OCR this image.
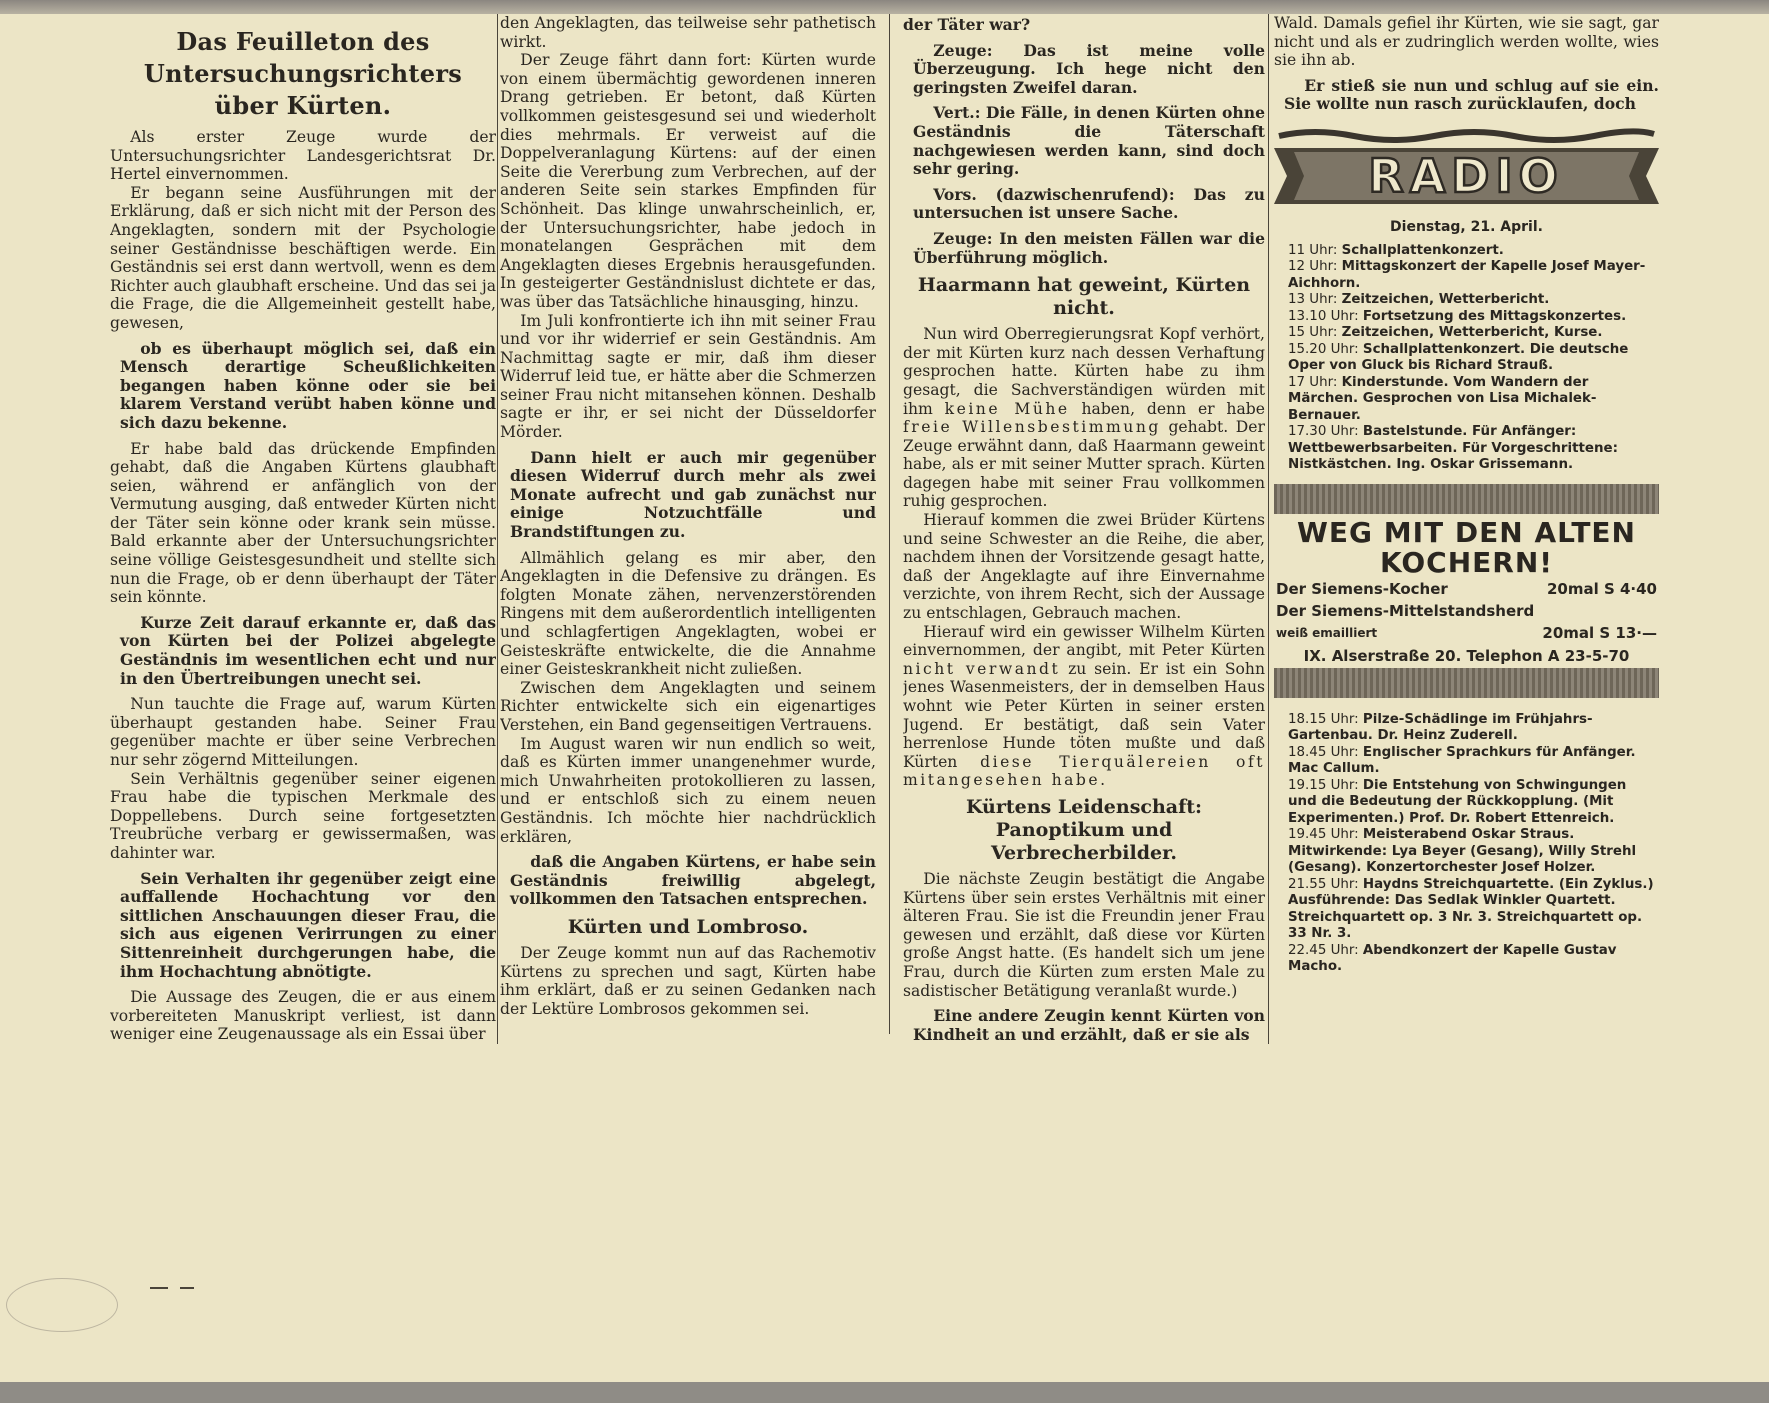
Das Feuilleton des Untersuchungsrichters über Kürten.

Als erster Zeuge wurde der Untersuchungsrichter Landesgerichtsrat Dr. Hertel einvernommen.

Er begann seine Ausführungen mit der Erklärung, daß er sich nicht mit der Person des Angeklagten, sondern mit der Psychologie seiner Geständnisse beschäftigen werde. Ein Geständnis sei erst dann wertvoll, wenn es dem Richter auch glaubhaft erscheine. Und das sei ja die Frage, die die Allgemeinheit gestellt habe, gewesen,

ob es überhaupt möglich sei, daß ein Mensch derartige Scheußlichkeiten begangen haben könne oder sie bei klarem Verstand verübt haben könne und sich dazu bekenne.

Er habe bald das drückende Empfinden gehabt, daß die Angaben Kürtens glaubhaft seien, während er anfänglich von der Vermutung ausging, daß entweder Kürten nicht der Täter sein könne oder krank sein müsse. Bald erkannte aber der Untersuchungsrichter seine völlige Geistesgesundheit und stellte sich nun die Frage, ob er denn überhaupt der Täter sein könnte.

Kurze Zeit darauf erkannte er, daß das von Kürten bei der Polizei abgelegte Geständnis im wesentlichen echt und nur in den Übertreibungen unecht sei.

Nun tauchte die Frage auf, warum Kürten überhaupt gestanden habe. Seiner Frau gegenüber machte er über seine Verbrechen nur sehr zögernd Mitteilungen.

Sein Verhältnis gegenüber seiner eigenen Frau habe die typischen Merkmale des Doppellebens. Durch seine fortgesetzten Treubrüche verbarg er gewissermaßen, was dahinter war.

Sein Verhalten ihr gegenüber zeigt eine auffallende Hochachtung vor den sittlichen Anschauungen dieser Frau, die sich aus eigenen Verirrungen zu einer Sittenreinheit durchgerungen habe, die ihm Hochachtung abnötigte.

Die Aussage des Zeugen, die er aus einem vorbereiteten Manuskript verliest, ist dann weniger eine Zeugenaussage als ein Essai über

den Angeklagten, das teilweise sehr pathetisch wirkt.

Der Zeuge fährt dann fort: Kürten wurde von einem übermächtig gewordenen inneren Drang getrieben. Er betont, daß Kürten vollkommen geistesgesund sei und wiederholt dies mehrmals. Er verweist auf die Doppelveranlagung Kürtens: auf der einen Seite die Vererbung zum Verbrechen, auf der anderen Seite sein starkes Empfinden für Schönheit. Das klinge unwahrscheinlich, er, der Untersuchungsrichter, habe jedoch in monatelangen Gesprächen mit dem Angeklagten dieses Ergebnis herausgefunden. In gesteigerter Geständnislust dichtete er das, was über das Tatsächliche hinausging, hinzu.

Im Juli konfrontierte ich ihn mit seiner Frau und vor ihr widerrief er sein Geständnis. Am Nachmittag sagte er mir, daß ihm dieser Widerruf leid tue, er hätte aber die Schmerzen seiner Frau nicht mitansehen können. Deshalb sagte er ihr, er sei nicht der Düsseldorfer Mörder.

Dann hielt er auch mir gegenüber diesen Widerruf durch mehr als zwei Monate aufrecht und gab zunächst nur einige Notzuchtfälle und Brandstiftungen zu.

Allmählich gelang es mir aber, den Angeklagten in die Defensive zu drängen. Es folgten Monate zähen, nervenzerstörenden Ringens mit dem außerordentlich intelligenten und schlagfertigen Angeklagten, wobei er Geisteskräfte entwickelte, die die Annahme einer Geisteskrankheit nicht zuließen.

Zwischen dem Angeklagten und seinem Richter entwickelte sich ein eigenartiges Verstehen, ein Band gegenseitigen Vertrauens.

Im August waren wir nun endlich so weit, daß es Kürten immer unangenehmer wurde, mich Unwahrheiten protokollieren zu lassen, und er entschloß sich zu einem neuen Geständnis. Ich möchte hier nachdrücklich erklären,

daß die Angaben Kürtens, er habe sein Geständnis freiwillig abgelegt, vollkommen den Tatsachen entsprechen.

Kürten und Lombroso.

Der Zeuge kommt nun auf das Rachemotiv Kürtens zu sprechen und sagt, Kürten habe ihm erklärt, daß er zu seinen Gedanken nach der Lektüre Lombrosos gekommen sei.

der Täter war?

Zeuge: Das ist meine volle Überzeugung. Ich hege nicht den geringsten Zweifel daran.

Vert.: Die Fälle, in denen Kürten ohne Geständnis die Täterschaft nachgewiesen werden kann, sind doch sehr gering.

Vors. (dazwischenrufend): Das zu untersuchen ist unsere Sache.

Zeuge: In den meisten Fällen war die Überführung möglich.

Haarmann hat geweint, Kürten nicht.

Nun wird Oberregierungsrat Kopf verhört, der mit Kürten kurz nach dessen Verhaftung gesprochen hatte. Kürten habe zu ihm gesagt, die Sachverständigen würden mit ihm keine Mühe haben, denn er habe freie Willensbestimmung gehabt. Der Zeuge erwähnt dann, daß Haarmann geweint habe, als er mit seiner Mutter sprach. Kürten dagegen habe mit seiner Frau vollkommen ruhig gesprochen.

Hierauf kommen die zwei Brüder Kürtens und seine Schwester an die Reihe, die aber, nachdem ihnen der Vorsitzende gesagt hatte, daß der Angeklagte auf ihre Einvernahme verzichte, von ihrem Recht, sich der Aussage zu entschlagen, Gebrauch machen.

Hierauf wird ein gewisser Wilhelm Kürten einvernommen, der angibt, mit Peter Kürten nicht verwandt zu sein. Er ist ein Sohn jenes Wasenmeisters, der in demselben Haus wohnt wie Peter Kürten in seiner ersten Jugend. Er bestätigt, daß sein Vater herrenlose Hunde töten mußte und daß Kürten diese Tierquälereien oft mitangesehen habe.

Kürtens Leidenschaft: Panoptikum und Verbrecherbilder.

Die nächste Zeugin bestätigt die Angabe Kürtens über sein erstes Verhältnis mit einer älteren Frau. Sie ist die Freundin jener Frau gewesen und erzählt, daß diese vor Kürten große Angst hatte. (Es handelt sich um jene Frau, durch die Kürten zum ersten Male zu sadistischer Betätigung veranlaßt wurde.)

Eine andere Zeugin kennt Kürten von Kindheit an und erzählt, daß er sie als

Wald. Damals gefiel ihr Kürten, wie sie sagt, gar nicht und als er zudringlich werden wollte, wies sie ihn ab.

Er stieß sie nun und schlug auf sie ein. Sie wollte nun rasch zurücklaufen, doch

RADIO
Dienstag, 21. April.
11 Uhr: Schallplattenkonzert.
12 Uhr: Mittagskonzert der Kapelle Josef Mayer-Aichhorn.
13 Uhr: Zeitzeichen, Wetterbericht.
13.10 Uhr: Fortsetzung des Mittagskonzertes.
15 Uhr: Zeitzeichen, Wetterbericht, Kurse.
15.20 Uhr: Schallplattenkonzert. Die deutsche Oper von Gluck bis Richard Strauß.
17 Uhr: Kinderstunde. Vom Wandern der Märchen. Gesprochen von Lisa Michalek-Bernauer.
17.30 Uhr: Bastelstunde. Für Anfänger: Wettbewerbsarbeiten. Für Vorgeschrittene: Nistkästchen. Ing. Oskar Grissemann.
WEG MIT DEN ALTEN KOCHERN!
Der Siemens-Kocher	20mal S 4·40
Der Siemens-Mittelstandsherd
weiß emailliert	20mal S 13·—
IX. Alserstraße 20. Telephon A 23-5-70
18.15 Uhr: Pilze-Schädlinge im Frühjahrs-Gartenbau. Dr. Heinz Zuderell.
18.45 Uhr: Englischer Sprachkurs für Anfänger. Mac Callum.
19.15 Uhr: Die Entstehung von Schwingungen und die Bedeutung der Rückkopplung. (Mit Experimenten.) Prof. Dr. Robert Ettenreich.
19.45 Uhr: Meisterabend Oskar Straus. Mitwirkende: Lya Beyer (Gesang), Willy Strehl (Gesang). Konzertorchester Josef Holzer.
21.55 Uhr: Haydns Streichquartette. (Ein Zyklus.) Ausführende: Das Sedlak Winkler Quartett. Streichquartett op. 3 Nr. 3. Streichquartett op. 33 Nr. 3.
22.45 Uhr: Abendkonzert der Kapelle Gustav Macho.
